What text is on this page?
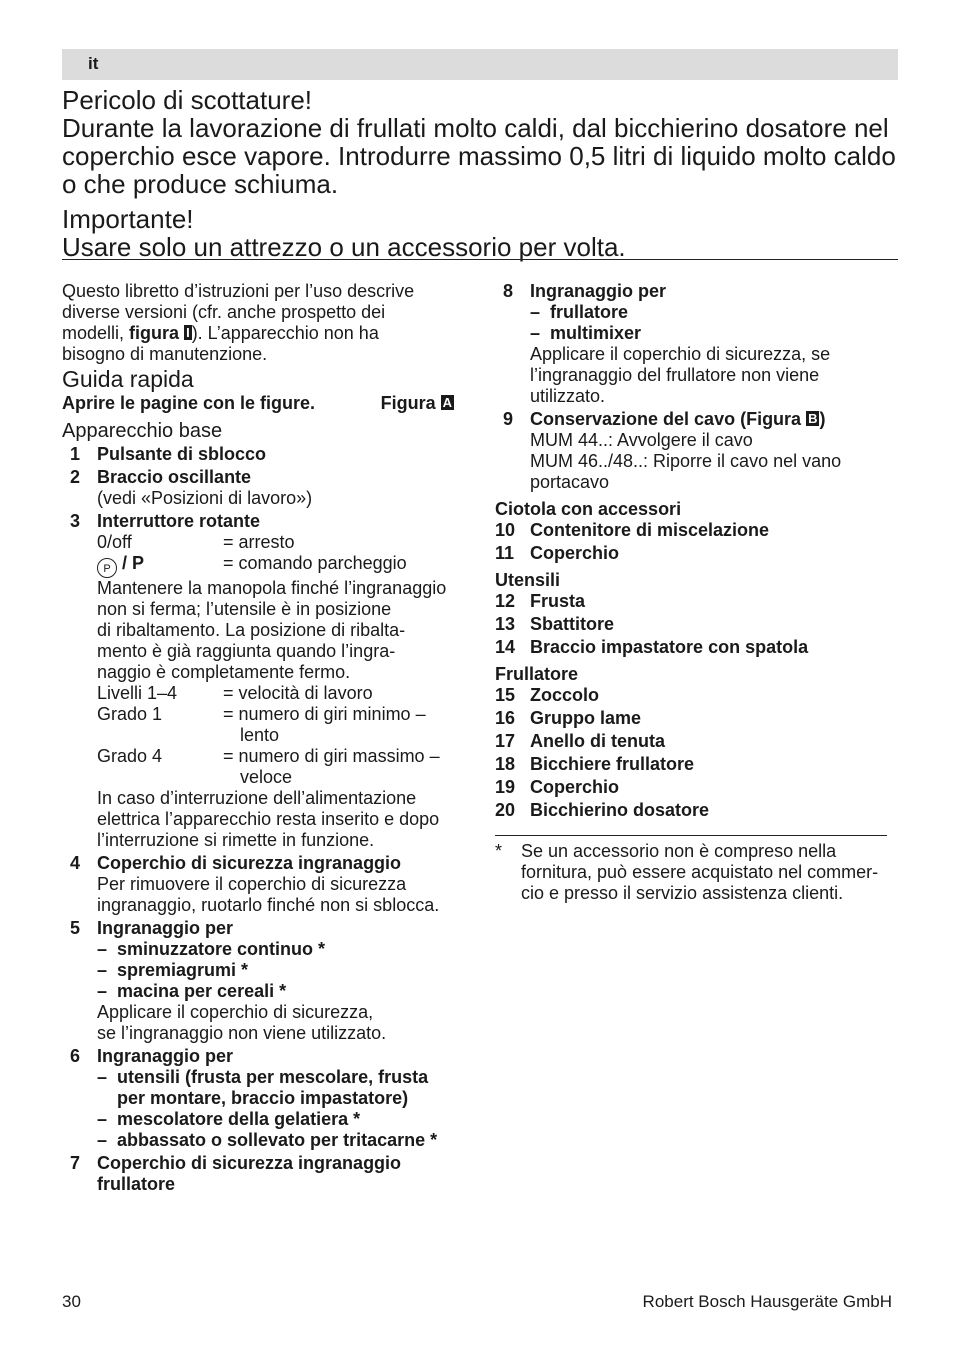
it

Pericolo di scottature!

Durante la lavorazione di frullati molto caldi, dal bicchierino dosatore nel

coperchio esce vapore. Introdurre massimo 0,5 litri di liquido molto caldo

o che produce schiuma.

Importante!

Usare solo un attrezzo o un accessorio per volta.

Questo libretto d’istruzioni per l’uso descrive

diverse versioni (cfr. anche prospetto dei

modelli, figura I ). L’apparecchio non ha

bisogno di manutenzione.

Guida rapida

Aprire le pagine con le figure.	Figura A

Apparecchio base

1 Pulsante di sblocco
2 Braccio oscillante

(vedi «Posizioni di lavoro»)

3 Interruttore rotante
0/off	= arresto
P / P	= comando parcheggio

Mantenere la manopola finché l’ingranaggio

non si ferma; l’utensile è in posizione

di ribaltamento. La posizione di ribalta-

mento è già raggiunta quando l’ingra-

naggio è completamente fermo.

Livelli 1–4	= velocità di lavoro
Grado 1	= numero di giri minimo –
lento
Grado 4	= numero di giri massimo –
veloce

In caso d’interruzione dell’alimentazione

elettrica l’apparecchio resta inserito e dopo

l’interruzione si rimette in funzione.

4 Coperchio di sicurezza ingranaggio

Per rimuovere il coperchio di sicurezza

ingranaggio, ruotarlo finché non si sblocca.

5 Ingranaggio per
– sminuzzatore continuo *
– spremiagrumi *
– macina per cereali *

Applicare il coperchio di sicurezza,

se l’ingranaggio non viene utilizzato.

6 Ingranaggio per
– utensili (frusta per mescolare, frusta
per montare, braccio impastatore)
– mescolatore della gelatiera *
– abbassato o sollevato per tritacarne *
7 Coperchio di sicurezza ingranaggio
frullatore
8 Ingranaggio per
– frullatore
– multimixer

Applicare il coperchio di sicurezza, se

l’ingranaggio del frullatore non viene

utilizzato.

9 Conservazione del cavo (Figura B )

MUM 44..: Avvolgere il cavo

MUM 46../48..: Riporre il cavo nel vano

portacavo

Ciotola con accessori

10 Contenitore di miscelazione
11 Coperchio

Utensili

12 Frusta
13 Sbattitore
14 Braccio impastatore con spatola

Frullatore

15 Zoccolo
16 Gruppo lame
17 Anello di tenuta
18 Bicchiere frullatore
19 Coperchio
20 Bicchierino dosatore
*	Se un accessorio non è compreso nella
fornitura, può essere acquistato nel commer-
cio e presso il servizio assistenza clienti.
30	Robert Bosch Hausgeräte GmbH
